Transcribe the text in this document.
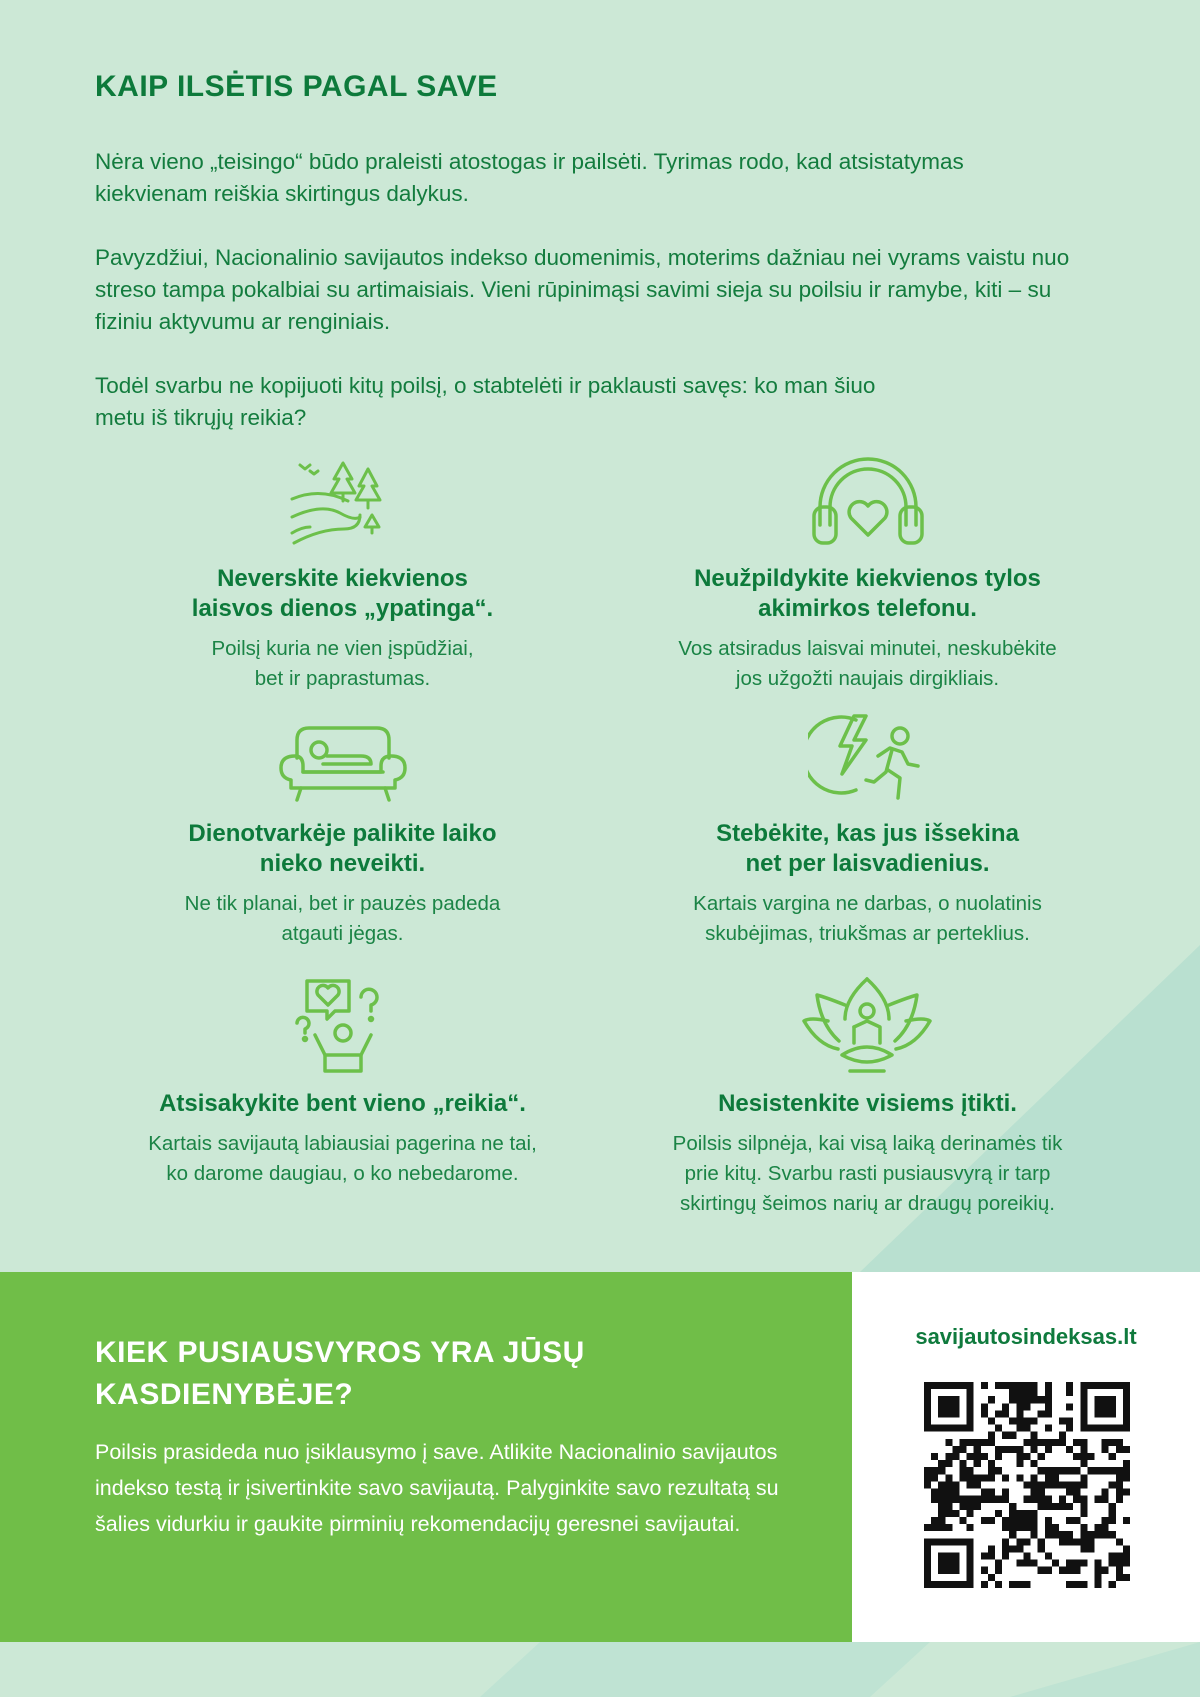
KAIP ILSĖTIS PAGAL SAVE

Nėra vieno „teisingo“ būdo praleisti atostogas ir pailsėti. Tyrimas rodo, kad atsistatymas kiekvienam reiškia skirtingus dalykus.

Pavyzdžiui, Nacionalinio savijautos indekso duomenimis, moterims dažniau nei vyrams vaistu nuo streso tampa pokalbiai su artimaisiais. Vieni rūpinimąsi savimi sieja su poilsiu ir ramybe, kiti – su fiziniu aktyvumu ar renginiais.

Todėl svarbu ne kopijuoti kitų poilsį, o stabtelėti ir paklausti savęs: ko man šiuo metu iš tikrųjų reikia?

Neverskite kiekvienos
laisvos dienos „ypatinga“.

Poilsį kuria ne vien įspūdžiai,
bet ir paprastumas.

Neužpildykite kiekvienos tylos
akimirkos telefonu.

Vos atsiradus laisvai minutei, neskubėkite
jos užgožti naujais dirgikliais.

Dienotvarkėje palikite laiko
nieko neveikti.

Ne tik planai, bet ir pauzės padeda
atgauti jėgas.

Stebėkite, kas jus išsekina
net per laisvadienius.

Kartais vargina ne darbas, o nuolatinis
skubėjimas, triukšmas ar perteklius.

Atsisakykite bent vieno „reikia“.

Kartais savijautą labiausiai pagerina ne tai,
ko darome daugiau, o ko nebedarome.

Nesistenkite visiems įtikti.

Poilsis silpnėja, kai visą laiką derinamės tik
prie kitų. Svarbu rasti pusiausvyrą ir tarp
skirtingų šeimos narių ar draugų poreikių.

KIEK PUSIAUSVYROS YRA JŪSŲ KASDIENYBĖJE?

Poilsis prasideda nuo įsiklausymo į save. Atlikite Nacionalinio savijautos indekso testą ir įsivertinkite savo savijautą. Palyginkite savo rezultatą su šalies vidurkiu ir gaukite pirminių rekomendacijų geresnei savijautai.

savijautosindeksas.lt
